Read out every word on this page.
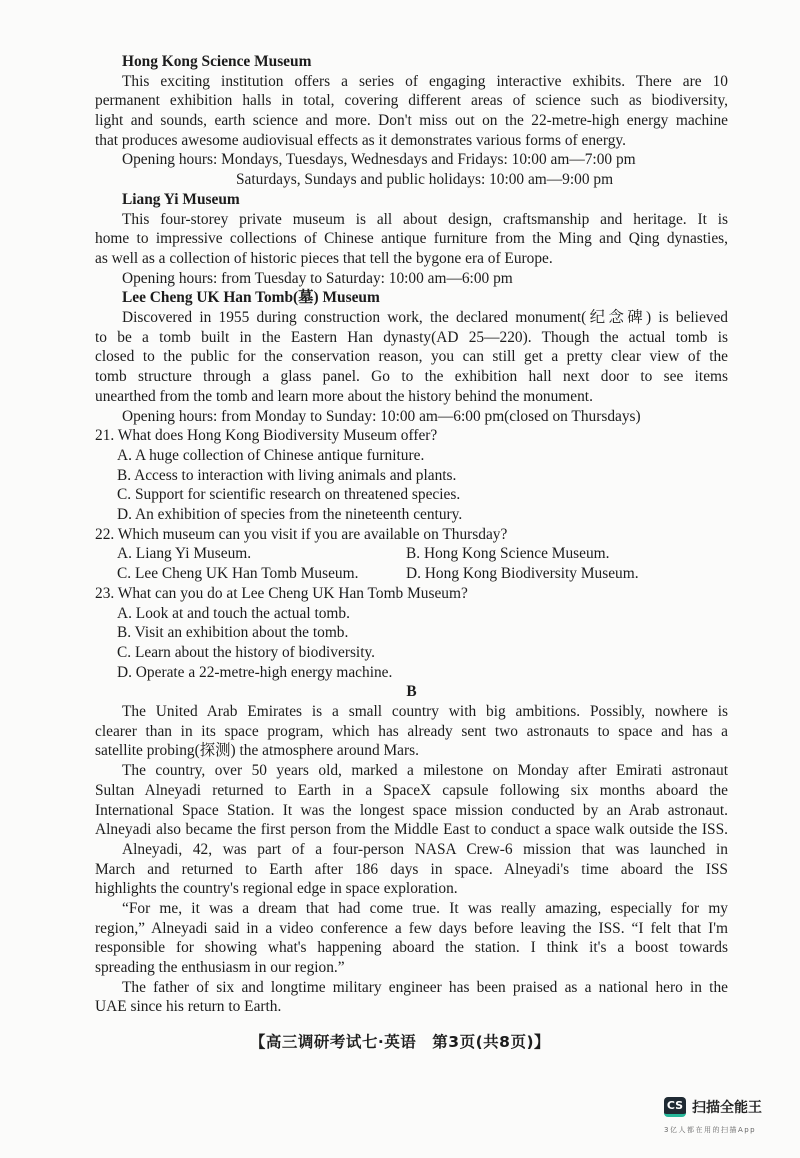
Hong Kong Science Museum
This exciting institution offers a series of engaging interactive exhibits. There are 10
permanent exhibition halls in total, covering different areas of science such as biodiversity,
light and sounds, earth science and more. Don't miss out on the 22-metre-high energy machine
that produces awesome audiovisual effects as it demonstrates various forms of energy.
Opening hours: Mondays, Tuesdays, Wednesdays and Fridays: 10:00 am—7:00 pm
Saturdays, Sundays and public holidays: 10:00 am—9:00 pm
Liang Yi Museum
This four-storey private museum is all about design, craftsmanship and heritage. It is
home to impressive collections of Chinese antique furniture from the Ming and Qing dynasties,
as well as a collection of historic pieces that tell the bygone era of Europe.
Opening hours: from Tuesday to Saturday: 10:00 am—6:00 pm
Lee Cheng UK Han Tomb(墓) Museum
Discovered in 1955 during construction work, the declared monument(纪念碑) is believed
to be a tomb built in the Eastern Han dynasty(AD 25—220). Though the actual tomb is
closed to the public for the conservation reason, you can still get a pretty clear view of the
tomb structure through a glass panel. Go to the exhibition hall next door to see items
unearthed from the tomb and learn more about the history behind the monument.
Opening hours: from Monday to Sunday: 10:00 am—6:00 pm(closed on Thursdays)
21. What does Hong Kong Biodiversity Museum offer?
A. A huge collection of Chinese antique furniture.
B. Access to interaction with living animals and plants.
C. Support for scientific research on threatened species.
D. An exhibition of species from the nineteenth century.
22. Which museum can you visit if you are available on Thursday?
A. Liang Yi Museum.	B. Hong Kong Science Museum.
C. Lee Cheng UK Han Tomb Museum.	D. Hong Kong Biodiversity Museum.
23. What can you do at Lee Cheng UK Han Tomb Museum?
A. Look at and touch the actual tomb.
B. Visit an exhibition about the tomb.
C. Learn about the history of biodiversity.
D. Operate a 22-metre-high energy machine.
B
The United Arab Emirates is a small country with big ambitions. Possibly, nowhere is
clearer than in its space program, which has already sent two astronauts to space and has a
satellite probing(探测) the atmosphere around Mars.
The country, over 50 years old, marked a milestone on Monday after Emirati astronaut
Sultan Alneyadi returned to Earth in a SpaceX capsule following six months aboard the
International Space Station. It was the longest space mission conducted by an Arab astronaut.
Alneyadi also became the first person from the Middle East to conduct a space walk outside the ISS.
Alneyadi, 42, was part of a four-person NASA Crew-6 mission that was launched in
March and returned to Earth after 186 days in space. Alneyadi's time aboard the ISS
highlights the country's regional edge in space exploration.
“For me, it was a dream that had come true. It was really amazing, especially for my
region,” Alneyadi said in a video conference a few days before leaving the ISS. “I felt that I'm
responsible for showing what's happening aboard the station. I think it's a boost towards
spreading the enthusiasm in our region.”
The father of six and longtime military engineer has been praised as a national hero in the
UAE since his return to Earth.
【高三调研考试七·英语　第3页(共8页)】
CS 扫描全能王
3亿人都在用的扫描App
